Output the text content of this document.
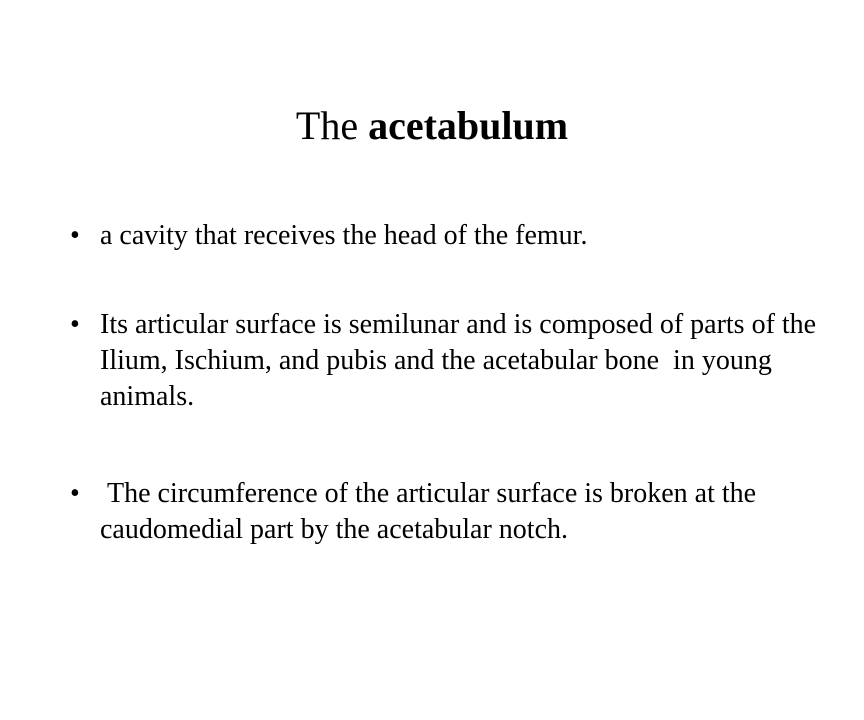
The acetabulum
• a cavity that receives the head of the femur.
• Its articular surface is semilunar and is composed of parts of the Ilium, Ischium, and pubis and the acetabular bone  in young animals.
• The circumference of the articular surface is broken at the caudomedial part by the acetabular notch.
